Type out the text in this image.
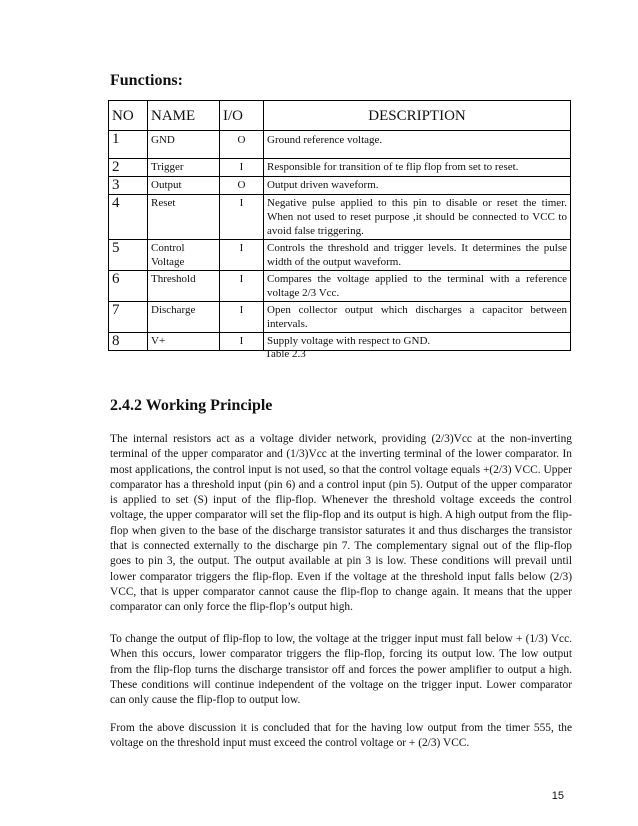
Functions:
NO	NAME	I/O	DESCRIPTION
1	GND	O	Ground reference voltage.
2	Trigger	I	Responsible for transition of te flip flop from set to reset.
3	Output	O	Output driven waveform.
4	Reset	I	Negative pulse applied to this pin to disable or reset the timer. When not used to reset purpose ,it should be connected to VCC to avoid false triggering.
5	Control Voltage	I	Controls the threshold and trigger levels. It determines the pulse width of the output waveform.
6	Threshold	I	Compares the voltage applied to the terminal with a reference voltage 2/3 Vcc.
7	Discharge	I	Open collector output which discharges a capacitor between intervals.
8	V+	I	Supply voltage with respect to GND.
Table 2.3
2.4.2 Working Principle

The internal resistors act as a voltage divider network, providing (2/3)Vcc at the non-inverting terminal of the upper comparator and (1/3)Vcc at the inverting terminal of the lower comparator. In most applications, the control input is not used, so that the control voltage equals +(2/3) VCC. Upper comparator has a threshold input (pin 6) and a control input (pin 5). Output of the upper comparator is applied to set (S) input of the flip-flop. Whenever the threshold voltage exceeds the control voltage, the upper comparator will set the flip-flop and its output is high. A high output from the flip-flop when given to the base of the discharge transistor saturates it and thus discharges the transistor that is connected externally to the discharge pin 7. The complementary signal out of the flip-flop goes to pin 3, the output. The output available at pin 3 is low. These conditions will prevail until lower comparator triggers the flip-flop. Even if the voltage at the threshold input falls below (2/3) VCC, that is upper comparator cannot cause the flip-flop to change again. It means that the upper comparator can only force the flip-flop’s output high.

To change the output of flip-flop to low, the voltage at the trigger input must fall below + (1/3) Vcc. When this occurs, lower comparator triggers the flip-flop, forcing its output low. The low output from the flip-flop turns the discharge transistor off and forces the power amplifier to output a high. These conditions will continue independent of the voltage on the trigger input. Lower comparator can only cause the flip-flop to output low.

From the above discussion it is concluded that for the having low output from the timer 555, the voltage on the threshold input must exceed the control voltage or + (2/3) VCC.

15
